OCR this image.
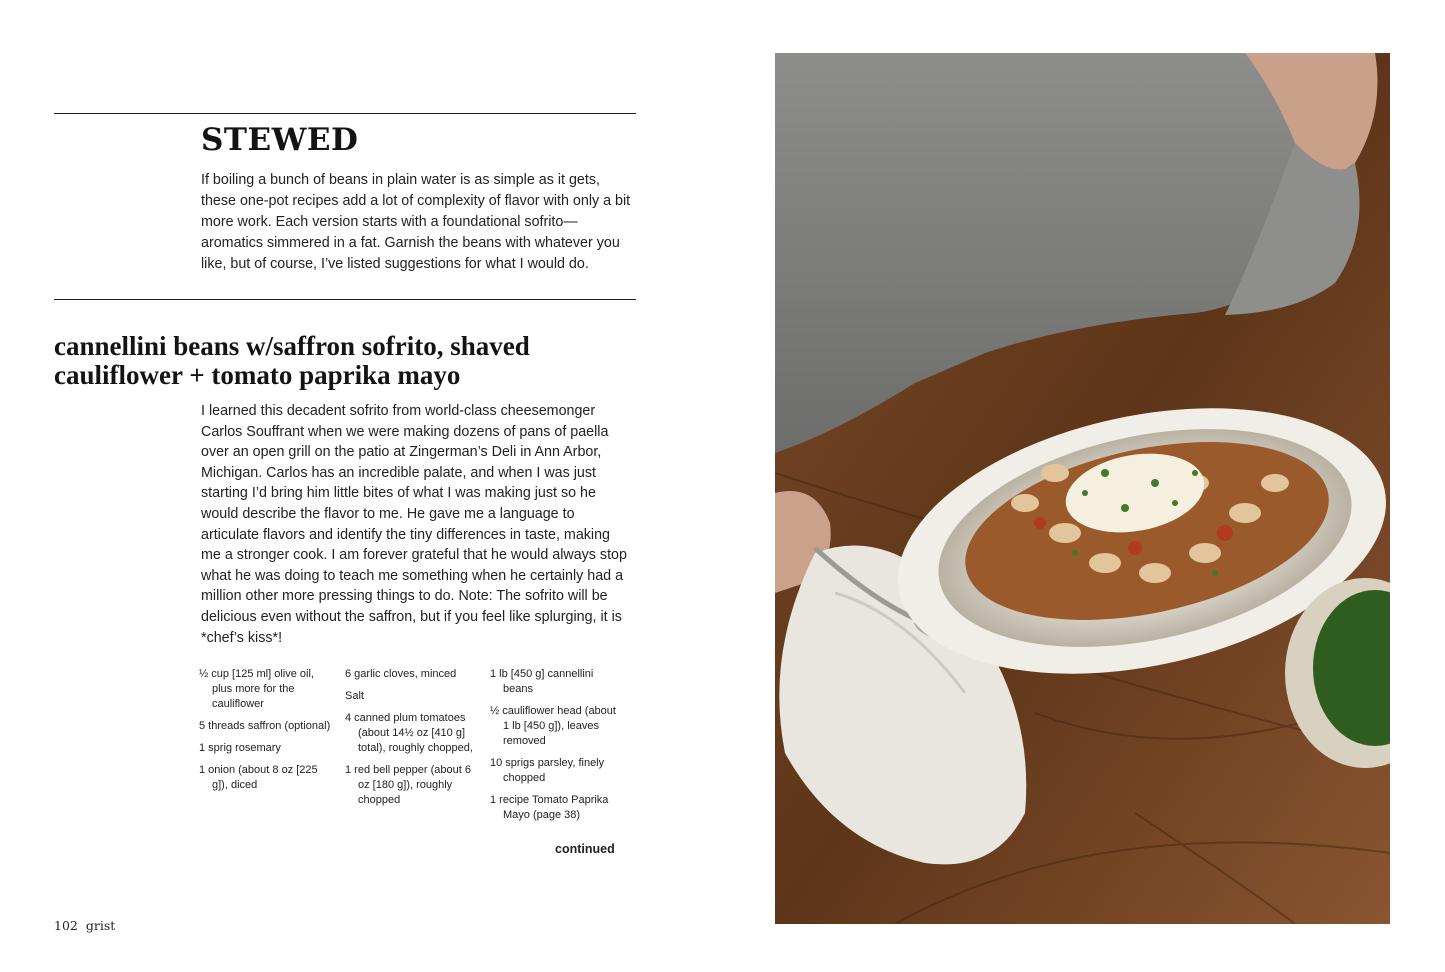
STEWED
If boiling a bunch of beans in plain water is as simple as it gets, these one-pot recipes add a lot of complexity of flavor with only a bit more work. Each version starts with a foundational sofrito—aromatics simmered in a fat. Garnish the beans with whatever you like, but of course, I’ve listed suggestions for what I would do.
cannellini beans w/saffron sofrito, shaved cauliflower + tomato paprika mayo
I learned this decadent sofrito from world-class cheesemonger Carlos Souffrant when we were making dozens of pans of paella over an open grill on the patio at Zingerman’s Deli in Ann Arbor, Michigan. Carlos has an incredible palate, and when I was just starting I’d bring him little bites of what I was making just so he would describe the flavor to me. He gave me a language to articulate flavors and identify the tiny differences in taste, making me a stronger cook. I am forever grateful that he would always stop what he was doing to teach me something when he certainly had a million other more pressing things to do. Note: The sofrito will be delicious even without the saffron, but if you feel like splurging, it is *chef’s kiss*!
½ cup [125 ml] olive oil, plus more for the cauliflower
5 threads saffron (optional)
1 sprig rosemary
1 onion (about 8 oz [225 g]), diced
6 garlic cloves, minced
Salt
4 canned plum tomatoes (about 14½ oz [410 g] total), roughly chopped,
1 red bell pepper (about 6 oz [180 g]), roughly chopped
1 lb [450 g] cannellini beans
½ cauliflower head (about 1 lb [450 g]), leaves removed
10 sprigs parsley, finely chopped
1 recipe Tomato Paprika Mayo (page 38)
continued
102 grist
